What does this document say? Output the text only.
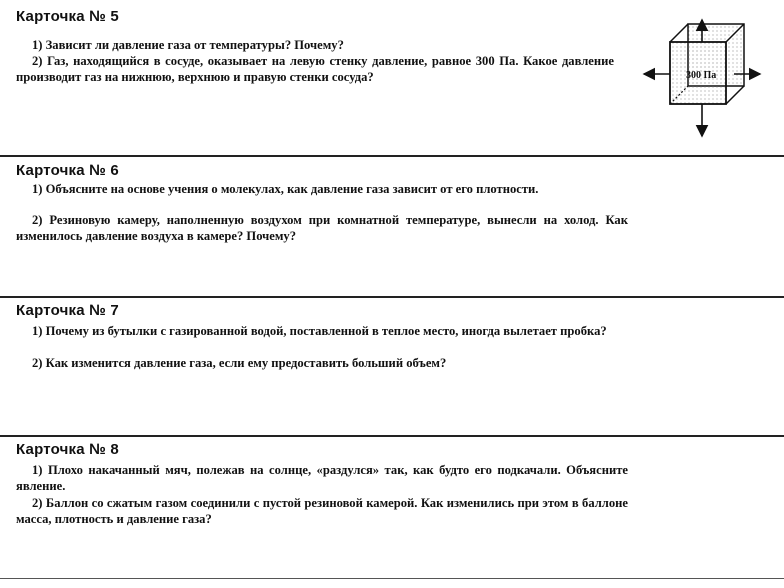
Карточка № 5
1) Зависит ли давление газа от температуры? Почему?
2) Газ, находящийся в сосуде, оказывает на левую стенку давление, равное 300 Па. Какое давление производит газ на нижнюю, верхнюю и правую стенки сосуда?	300 Па
Карточка № 6
1) Объясните на основе учения о молекулах, как давление газа зависит от его плотности.
2) Резиновую камеру, наполненную воздухом при комнатной температуре, вынесли на холод. Как изменилось давление воздуха в камере? Почему?
Карточка № 7
1) Почему из бутылки с газированной водой, поставленной в теплое место, иногда вылетает пробка?
2) Как изменится давление газа, если ему предоставить больший объем?
Карточка № 8
1) Плохо накачанный мяч, полежав на солнце, «раздулся» так, как будто его подкачали. Объясните явление.
2) Баллон со сжатым газом соединили с пустой резиновой камерой. Как изменились при этом в баллоне масса, плотность и давление газа?
